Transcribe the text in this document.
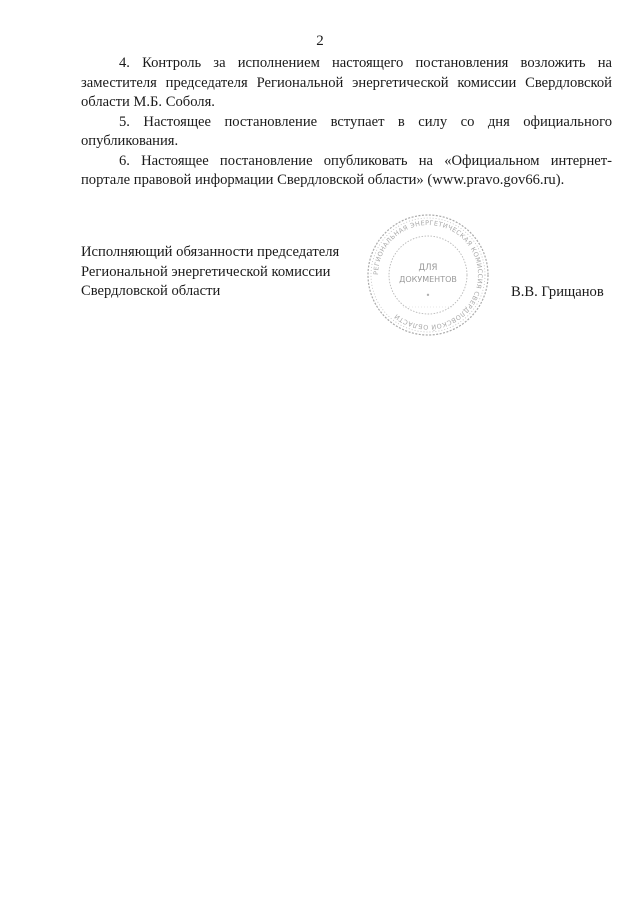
2

4. Контроль за исполнением настоящего постановления возложить на заместителя председателя Региональной энергетической комиссии Свердловской области М.Б. Соболя.

5. Настоящее постановление вступает в силу со дня официального опубликования.

6. Настоящее постановление опубликовать на «Официальном интернет-портале правовой информации Свердловской области» (www.pravo.gov66.ru).

Исполняющий обязанности председателя
Региональной энергетической комиссии
Свердловской области
РЕГИОНАЛЬНАЯ ЭНЕРГЕТИЧЕСКАЯ КОМИССИЯ СВЕРДЛОВСКОЙ ОБЛАСТИ
ДЛЯ
ДОКУМЕНТОВ
•	В.В. Грищанов
